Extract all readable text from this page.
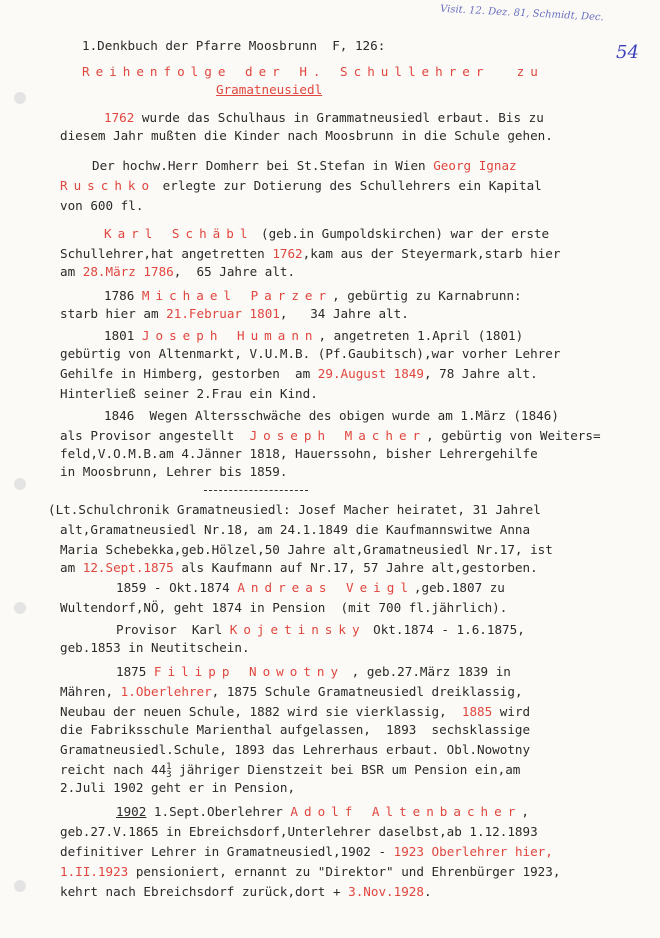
Visit. 12. Dez. 81, Schmidt, Dec.
54
1.Denkbuch der Pfarre Moosbrunn  F, 126:
Reihenfolge der H. Schullehrer  zu
Gramatneusiedl
1762 wurde das Schulhaus in Grammatneusiedl erbaut. Bis zu
diesem Jahr mußten die Kinder nach Moosbrunn in die Schule gehen.
Der hochw.Herr Domherr bei St.Stefan in Wien Georg Ignaz
Ruschko erlegte zur Dotierung des Schullehrers ein Kapital
von 600 fl.
Karl Schäbl (geb.in Gumpoldskirchen) war der erste
Schullehrer,hat angetretten 1762,kam aus der Steyermark,starb hier
am 28.März 1786,  65 Jahre alt.
1786 Michael Parzer, gebürtig zu Karnabrunn:
starb hier am 21.Februar 1801,   34 Jahre alt.
1801 Joseph Humann, angetreten 1.April (1801)
gebürtig von Altenmarkt, V.U.M.B. (Pf.Gaubitsch),war vorher Lehrer
Gehilfe in Himberg, gestorben  am 29.August 1849, 78 Jahre alt.
Hinterließ seiner 2.Frau ein Kind.
1846  Wegen Altersschwäche des obigen wurde am 1.März (1846)
als Provisor angestellt  Joseph Macher, gebürtig von Weiters=
feld,V.O.M.B.am 4.Jänner 1818, Hauerssohn, bisher Lehrergehilfe
in Moosbrunn, Lehrer bis 1859.
(Lt.Schulchronik Gramatneusiedl: Josef Macher heiratet, 31 Jahrel
alt,Gramatneusiedl Nr.18, am 24.1.1849 die Kaufmannswitwe Anna
Maria Schebekka,geb.Hölzel,50 Jahre alt,Gramatneusiedl Nr.17, ist
am 12.Sept.1875 als Kaufmann auf Nr.17, 57 Jahre alt,gestorben.
1859 - Okt.1874 Andreas Veigl,geb.1807 zu
Wultendorf,NÖ, geht 1874 in Pension  (mit 700 fl.jährlich).
Provisor  Karl Kojetinsky Okt.1874 - 1.6.1875,
geb.1853 in Neutitschein.
1875 Filipp Nowotny , geb.27.März 1839 in
Mähren, 1.Oberlehrer, 1875 Schule Gramatneusiedl dreiklassig,
Neubau der neuen Schule, 1882 wird sie vierklassig,  1885 wird
die Fabriksschule Marienthal aufgelassen,  1893  sechsklassige
Gramatneusiedl.Schule, 1893 das Lehrerhaus erbaut. Obl.Nowotny
reicht nach 441
3 jähriger Dienstzeit bei BSR um Pension ein,am
2.Juli 1902 geht er in Pension,
1902 1.Sept.Oberlehrer Adolf Altenbacher,
geb.27.V.1865 in Ebreichsdorf,Unterlehrer daselbst,ab 1.12.1893
definitiver Lehrer in Gramatneusiedl,1902 - 1923 Oberlehrer hier,
1.II.1923 pensioniert, ernannt zu "Direktor" und Ehrenbürger 1923,
kehrt nach Ebreichsdorf zurück,dort + 3.Nov.1928.
